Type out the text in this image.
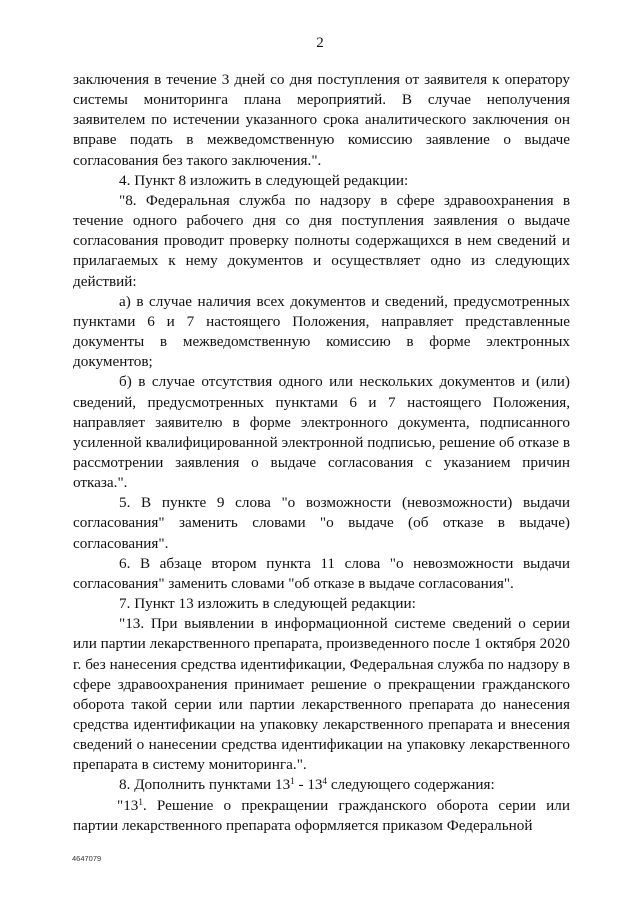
2

заключения в течение 3 дней со дня поступления от заявителя к оператору системы мониторинга плана мероприятий. В случае неполучения заявителем по истечении указанного срока аналитического заключения он вправе подать в межведомственную комиссию заявление о выдаче согласования без такого заключения.".

4. Пункт 8 изложить в следующей редакции:

"8. Федеральная служба по надзору в сфере здравоохранения в течение одного рабочего дня со дня поступления заявления о выдаче согласования проводит проверку полноты содержащихся в нем сведений и прилагаемых к нему документов и осуществляет одно из следующих действий:

а) в случае наличия всех документов и сведений, предусмотренных пунктами 6 и 7 настоящего Положения, направляет представленные документы в межведомственную комиссию в форме электронных документов;

б) в случае отсутствия одного или нескольких документов и (или) сведений, предусмотренных пунктами 6 и 7 настоящего Положения, направляет заявителю в форме электронного документа, подписанного усиленной квалифицированной электронной подписью, решение об отказе в рассмотрении заявления о выдаче согласования с указанием причин отказа.".

5. В пункте 9 слова "о возможности (невозможности) выдачи согласования" заменить словами "о выдаче (об отказе в выдаче) согласования".

6. В абзаце втором пункта 11 слова "о невозможности выдачи согласования" заменить словами "об отказе в выдаче согласования".

7. Пункт 13 изложить в следующей редакции:

"13. При выявлении в информационной системе сведений о серии или партии лекарственного препарата, произведенного после 1 октября 2020 г. без нанесения средства идентификации, Федеральная служба по надзору в сфере здравоохранения принимает решение о прекращении гражданского оборота такой серии или партии лекарственного препарата до нанесения средства идентификации на упаковку лекарственного препарата и внесения сведений о нанесении средства идентификации на упаковку лекарственного препарата в систему мониторинга.".

8. Дополнить пунктами $13^1 - 13^4$ следующего содержания:

"$13^1$. Решение о прекращении гражданского оборота серии или партии лекарственного препарата оформляется приказом Федеральной

4647079
